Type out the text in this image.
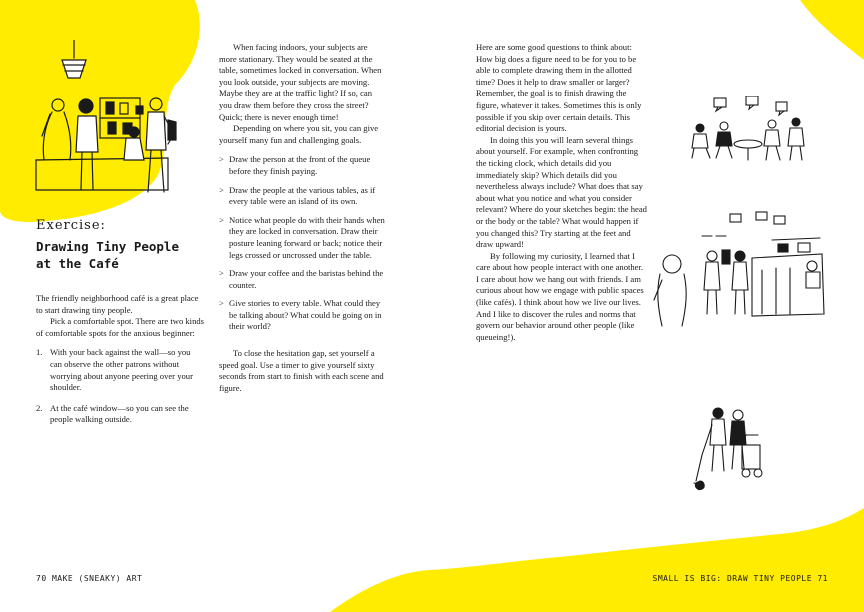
Exercise:
Drawing Tiny People
at the Café

The friendly neighborhood café is a great place to start drawing tiny people.

Pick a comfortable spot. There are two kinds of comfortable spots for the anxious beginner:

1. With your back against the wall—so you can observe the other patrons without worrying about anyone peering over your shoulder.
2. At the café window—so you can see the people walking outside.

When facing indoors, your subjects are more stationary. They would be seated at the table, sometimes locked in conversation. When you look outside, your subjects are moving. Maybe they are at the traffic light? If so, can you draw them before they cross the street? Quick; there is never enough time!

Depending on where you sit, you can give yourself many fun and challenging goals.

> Draw the person at the front of the queue before they finish paying.
> Draw the people at the various tables, as if every table were an island of its own.
> Notice what people do with their hands when they are locked in conversation. Draw their posture leaning forward or back; notice their legs crossed or uncrossed under the table.
> Draw your coffee and the baristas behind the counter.
> Give stories to every table. What could they be talking about? What could be going on in their world?

To close the hesitation gap, set yourself a speed goal. Use a timer to give yourself sixty seconds from start to finish with each scene and figure.

Here are some good questions to think about: How big does a figure need to be for you to be able to complete drawing them in the allotted time? Does it help to draw smaller or larger? Remember, the goal is to finish drawing the figure, whatever it takes. Sometimes this is only possible if you skip over certain details. This editorial decision is yours.

In doing this you will learn several things about yourself. For example, when confronting the ticking clock, which details did you immediately skip? Which details did you nevertheless always include? What does that say about what you notice and what you consider relevant? Where do your sketches begin: the head or the body or the table? What would happen if you changed this? Try starting at the feet and draw upward!

By following my curiosity, I learned that I care about how people interact with one another. I care about how we hang out with friends. I am curious about how we engage with public spaces (like cafés). I think about how we live our lives. And I like to discover the rules and norms that govern our behavior around other people (like queueing!).

70 MAKE (SNEAKY) ART	SMALL IS BIG: DRAW TINY PEOPLE 71
